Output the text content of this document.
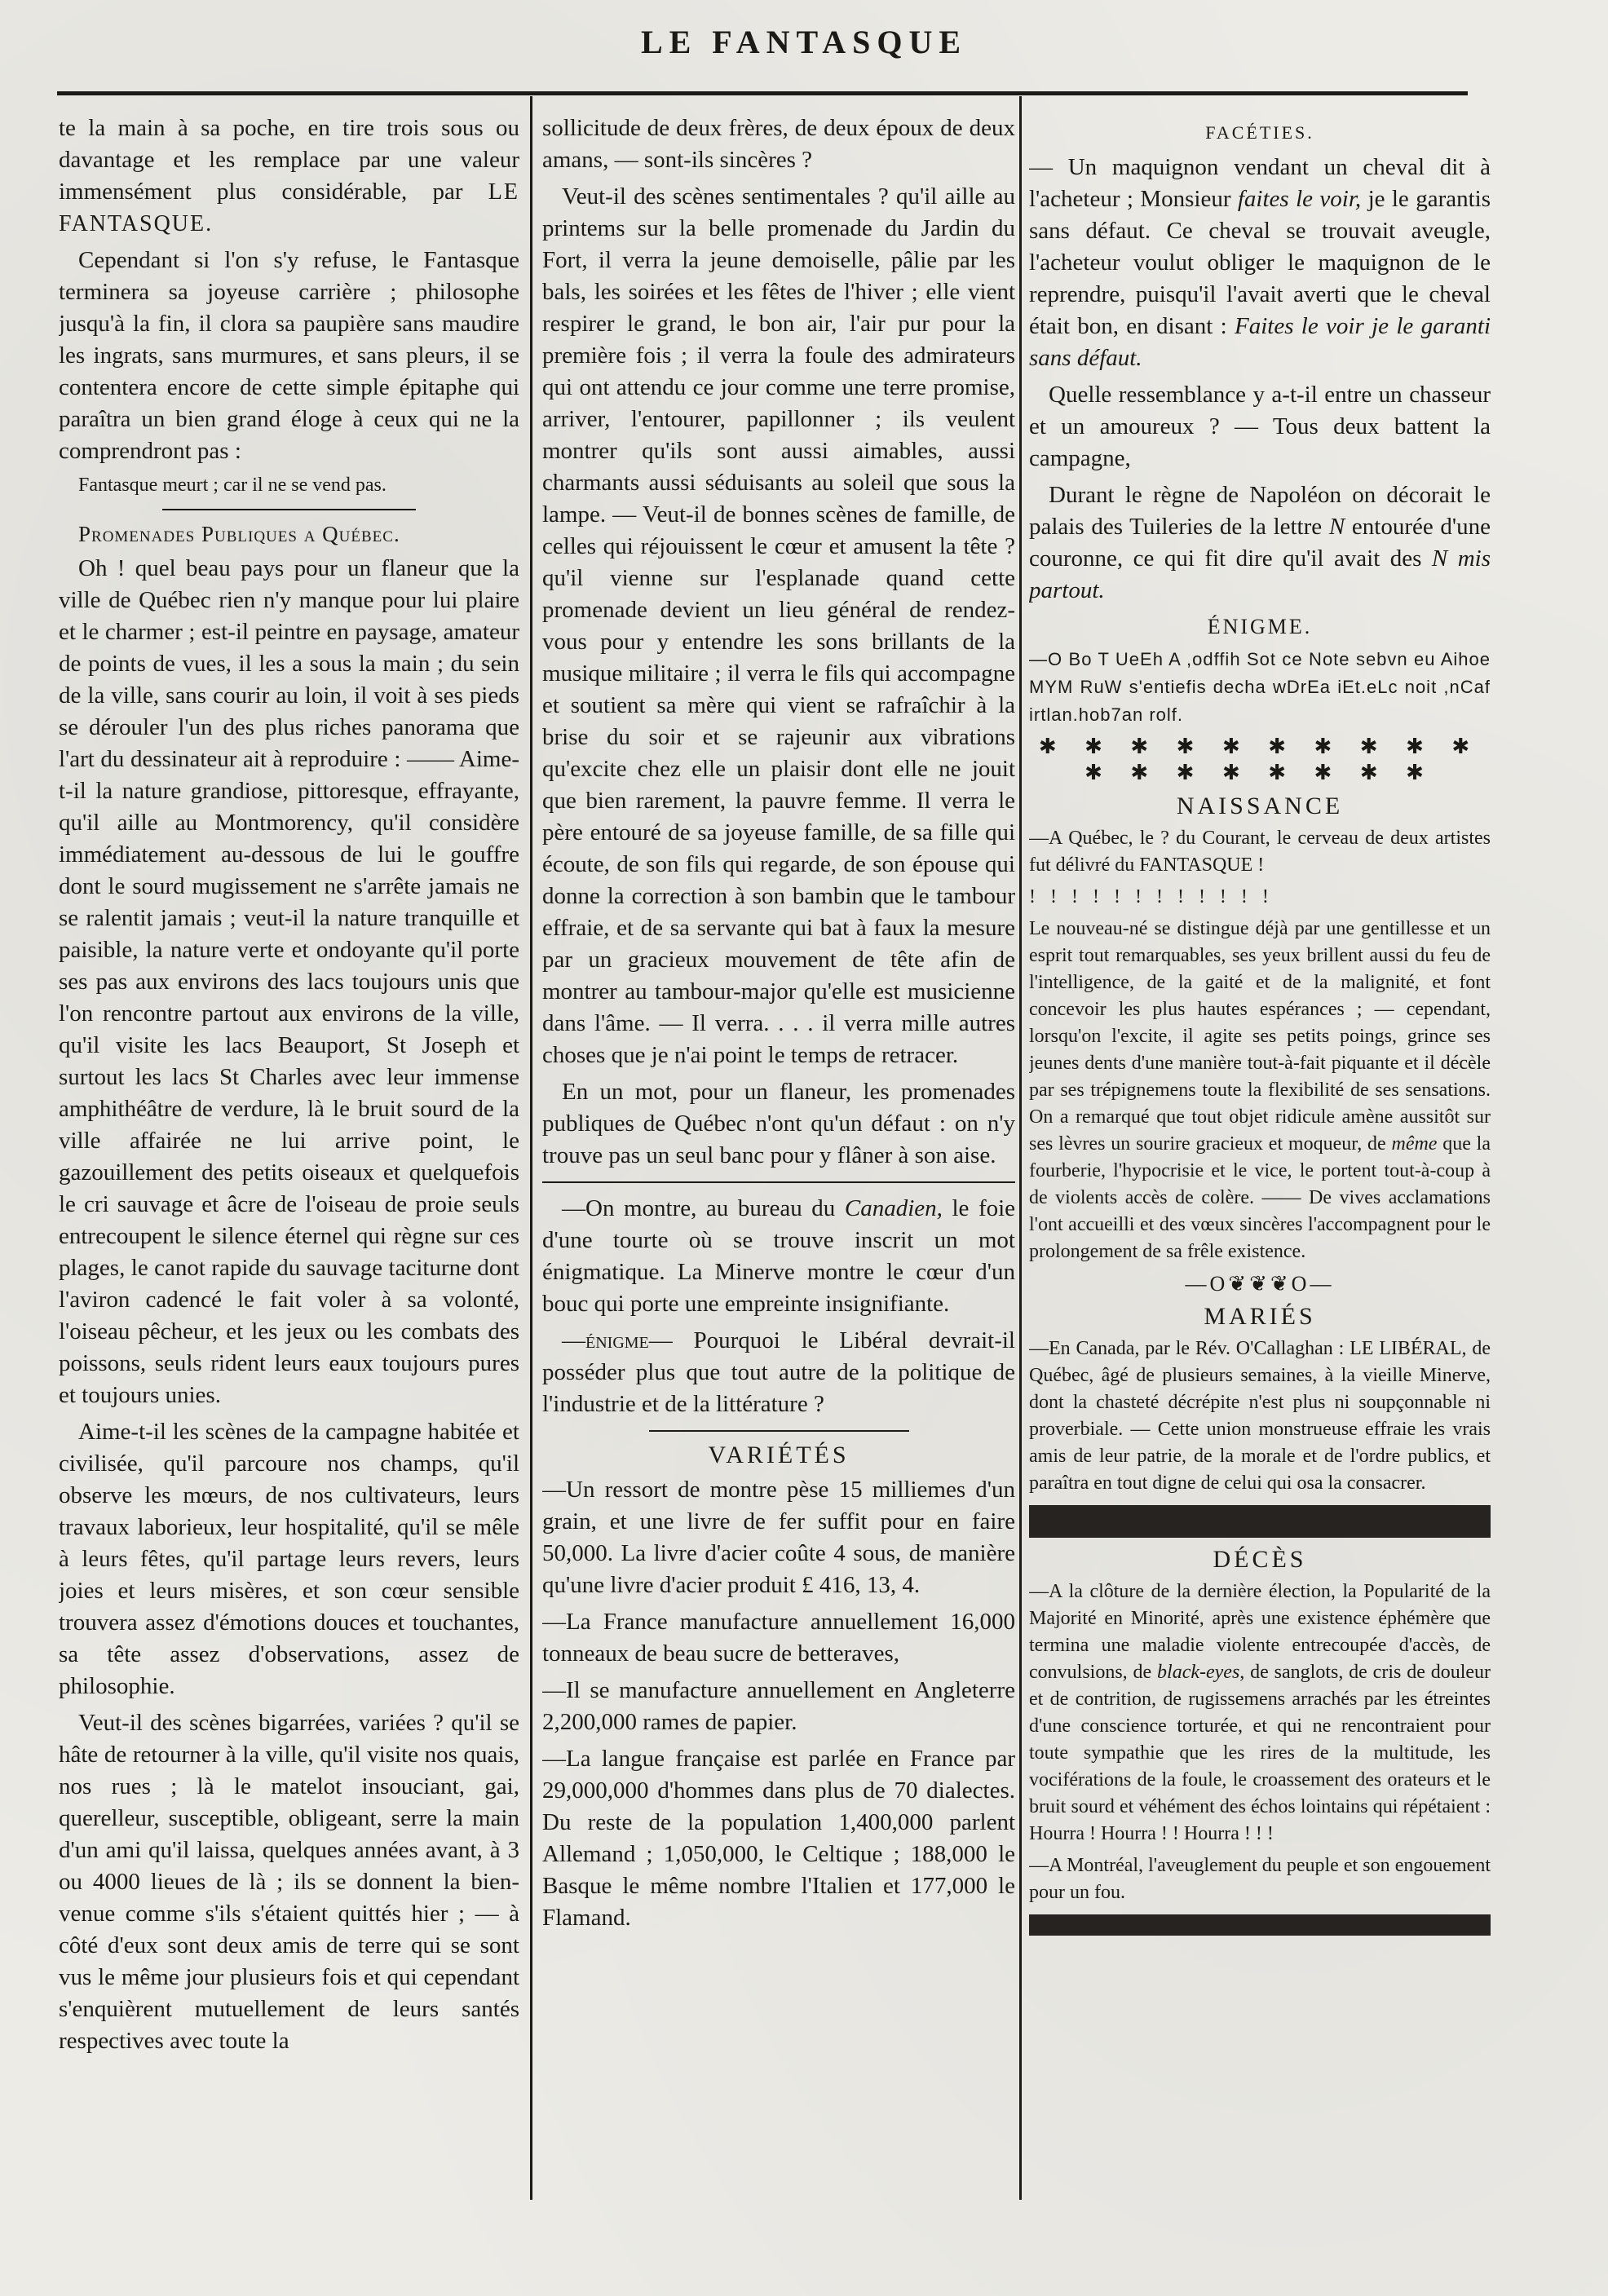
LE FANTASQUE

te la main à sa poche, en tire trois sous ou davantage et les remplace par une valeur immensément plus considérable, par LE FANTASQUE.

Cependant si l'on s'y refuse, le Fantasque terminera sa joyeuse carrière ; philosophe jusqu'à la fin, il clora sa paupière sans maudire les ingrats, sans murmures, et sans pleurs, il se contentera encore de cette simple épitaphe qui paraîtra un bien grand éloge à ceux qui ne la comprendront pas :

Fantasque meurt ; car il ne se vend pas.

Promenades Publiques a Québec.

Oh ! quel beau pays pour un flaneur que la ville de Québec rien n'y manque pour lui plaire et le charmer ; est-il peintre en paysage, amateur de points de vues, il les a sous la main ; du sein de la ville, sans courir au loin, il voit à ses pieds se dérouler l'un des plus riches panorama que l'art du dessinateur ait à reproduire : —— Aime-t-il la nature grandiose, pittoresque, effrayante, qu'il aille au Montmorency, qu'il considère immédiatement au-dessous de lui le gouffre dont le sourd mugissement ne s'arrête jamais ne se ralentit jamais ; veut-il la nature tranquille et paisible, la nature verte et ondoyante qu'il porte ses pas aux environs des lacs toujours unis que l'on rencontre partout aux environs de la ville, qu'il visite les lacs Beauport, St Joseph et surtout les lacs St Charles avec leur immense amphithéâtre de verdure, là le bruit sourd de la ville affairée ne lui arrive point, le gazouillement des petits oiseaux et quelquefois le cri sauvage et âcre de l'oiseau de proie seuls entrecoupent le silence éternel qui règne sur ces plages, le canot rapide du sauvage taciturne dont l'aviron cadencé le fait voler à sa volonté, l'oiseau pêcheur, et les jeux ou les combats des poissons, seuls rident leurs eaux toujours pures et toujours unies.

Aime-t-il les scènes de la campagne habitée et civilisée, qu'il parcoure nos champs, qu'il observe les mœurs, de nos cultivateurs, leurs travaux laborieux, leur hospitalité, qu'il se mêle à leurs fêtes, qu'il partage leurs revers, leurs joies et leurs misères, et son cœur sensible trouvera assez d'émotions douces et touchantes, sa tête assez d'observations, assez de philosophie.

Veut-il des scènes bigarrées, variées ? qu'il se hâte de retourner à la ville, qu'il visite nos quais, nos rues ; là le matelot insouciant, gai, querelleur, susceptible, obligeant, serre la main d'un ami qu'il laissa, quelques années avant, à 3 ou 4000 lieues de là ; ils se donnent la bien-venue comme s'ils s'étaient quittés hier ; — à côté d'eux sont deux amis de terre qui se sont vus le même jour plusieurs fois et qui cependant s'enquièrent mutuellement de leurs santés respectives avec toute la

sollicitude de deux frères, de deux époux de deux amans, — sont-ils sincères ?

Veut-il des scènes sentimentales ? qu'il aille au printems sur la belle promenade du Jardin du Fort, il verra la jeune demoiselle, pâlie par les bals, les soirées et les fêtes de l'hiver ; elle vient respirer le grand, le bon air, l'air pur pour la première fois ; il verra la foule des admirateurs qui ont attendu ce jour comme une terre promise, arriver, l'entourer, papillonner ; ils veulent montrer qu'ils sont aussi aimables, aussi charmants aussi séduisants au soleil que sous la lampe. — Veut-il de bonnes scènes de famille, de celles qui réjouissent le cœur et amusent la tête ? qu'il vienne sur l'esplanade quand cette promenade devient un lieu général de rendez-vous pour y entendre les sons brillants de la musique militaire ; il verra le fils qui accompagne et soutient sa mère qui vient se rafraîchir à la brise du soir et se rajeunir aux vibrations qu'excite chez elle un plaisir dont elle ne jouit que bien rarement, la pauvre femme. Il verra le père entouré de sa joyeuse famille, de sa fille qui écoute, de son fils qui regarde, de son épouse qui donne la correction à son bambin que le tambour effraie, et de sa servante qui bat à faux la mesure par un gracieux mouvement de tête afin de montrer au tambour-major qu'elle est musicienne dans l'âme. — Il verra. . . . il verra mille autres choses que je n'ai point le temps de retracer.

En un mot, pour un flaneur, les promenades publiques de Québec n'ont qu'un défaut : on n'y trouve pas un seul banc pour y flâner à son aise.

—On montre, au bureau du Canadien, le foie d'une tourte où se trouve inscrit un mot énigmatique. La Minerve montre le cœur d'un bouc qui porte une empreinte insignifiante.

—énigme— Pourquoi le Libéral devrait-il posséder plus que tout autre de la politique de l'industrie et de la littérature ?

VARIÉTÉS

—Un ressort de montre pèse 15 milliemes d'un grain, et une livre de fer suffit pour en faire 50,000. La livre d'acier coûte 4 sous, de manière qu'une livre d'acier produit £ 416, 13, 4.

—La France manufacture annuellement 16,000 tonneaux de beau sucre de betteraves,

—Il se manufacture annuellement en Angleterre 2,200,000 rames de papier.

—La langue française est parlée en France par 29,000,000 d'hommes dans plus de 70 dialectes. Du reste de la population 1,400,000 parlent Allemand ; 1,050,000, le Celtique ; 188,000 le Basque le même nombre l'Italien et 177,000 le Flamand.

FACÉTIES.

— Un maquignon vendant un cheval dit à l'acheteur ; Monsieur faites le voir, je le garantis sans défaut. Ce cheval se trouvait aveugle, l'acheteur voulut obliger le maquignon de le reprendre, puisqu'il l'avait averti que le cheval était bon, en disant : Faites le voir je le garanti sans défaut.

Quelle ressemblance y a-t-il entre un chasseur et un amoureux ? — Tous deux battent la campagne,

Durant le règne de Napoléon on décorait le palais des Tuileries de la lettre N entourée d'une couronne, ce qui fit dire qu'il avait des N mis partout.

ÉNIGME.

—O Bo T UeEh A ,odffih Sot ce Note sebvn eu Aihoe MYM RuW s'entiefis decha wDrEa iEt.eLc noit ,nCaf irtlan.hob7an rolf.

✱ ✱ ✱ ✱ ✱ ✱ ✱ ✱ ✱ ✱ ✱ ✱ ✱ ✱ ✱ ✱ ✱ ✱
NAISSANCE

—A Québec, le ? du Courant, le cerveau de deux artistes fut délivré du FANTASQUE !

! ! ! ! ! ! ! ! ! ! ! !

Le nouveau-né se distingue déjà par une gentillesse et un esprit tout remarquables, ses yeux brillent aussi du feu de l'intelligence, de la gaité et de la malignité, et font concevoir les plus hautes espérances ; — cependant, lorsqu'on l'excite, il agite ses petits poings, grince ses jeunes dents d'une manière tout-à-fait piquante et il décèle par ses trépignemens toute la flexibilité de ses sensations. On a remarqué que tout objet ridicule amène aussitôt sur ses lèvres un sourire gracieux et moqueur, de même que la fourberie, l'hypocrisie et le vice, le portent tout-à-coup à de violents accès de colère. —— De vives acclamations l'ont accueilli et des vœux sincères l'accompagnent pour le prolongement de sa frêle existence.

—O❦❦❦O—
MARIÉS

—En Canada, par le Rév. O'Callaghan : LE LIBÉRAL, de Québec, âgé de plusieurs semaines, à la vieille Minerve, dont la chasteté décrépite n'est plus ni soupçonnable ni proverbiale. — Cette union monstrueuse effraie les vrais amis de leur patrie, de la morale et de l'ordre publics, et paraîtra en tout digne de celui qui osa la consacrer.

DÉCÈS

—A la clôture de la dernière élection, la Popularité de la Majorité en Minorité, après une existence éphémère que termina une maladie violente entrecoupée d'accès, de convulsions, de black-eyes, de sanglots, de cris de douleur et de contrition, de rugissemens arrachés par les étreintes d'une conscience torturée, et qui ne rencontraient pour toute sympathie que les rires de la multitude, les vociférations de la foule, le croassement des orateurs et le bruit sourd et véhément des échos lointains qui répétaient : Hourra ! Hourra ! ! Hourra ! ! !

—A Montréal, l'aveuglement du peuple et son engouement pour un fou.
